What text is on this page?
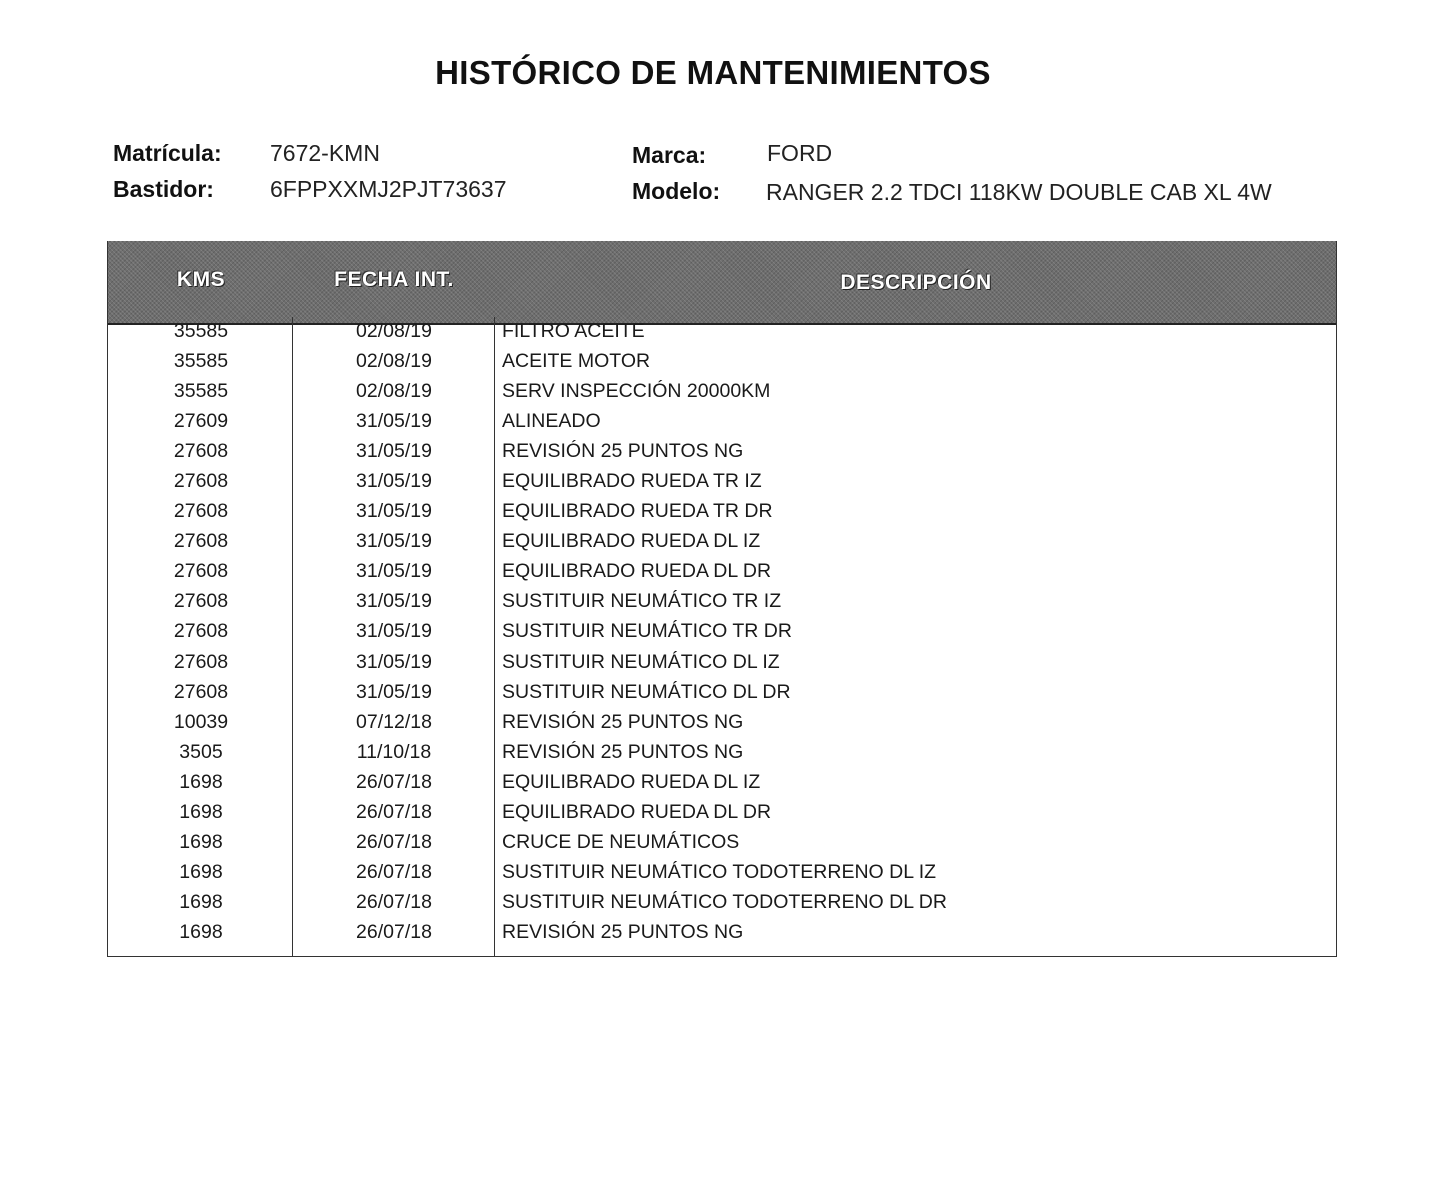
HISTÓRICO DE MANTENIMIENTOS
Matrícula: 7672-KMN
Bastidor: 6FPPXXMJ2PJT73637
Marca:	FORD
Modelo: RANGER 2.2 TDCI 118KW DOUBLE CAB XL 4W
KMS	FECHA INT.	DESCRIPCIÓN
35585	02/08/19	FILTRO ACEITE
35585	02/08/19	ACEITE MOTOR
35585	02/08/19	SERV INSPECCIÓN 20000KM
27609	31/05/19	ALINEADO
27608	31/05/19	REVISIÓN 25 PUNTOS NG
27608	31/05/19	EQUILIBRADO RUEDA TR IZ
27608	31/05/19	EQUILIBRADO RUEDA TR DR
27608	31/05/19	EQUILIBRADO RUEDA DL IZ
27608	31/05/19	EQUILIBRADO RUEDA DL DR
27608	31/05/19	SUSTITUIR NEUMÁTICO TR IZ
27608	31/05/19	SUSTITUIR NEUMÁTICO TR DR
27608	31/05/19	SUSTITUIR NEUMÁTICO DL IZ
27608	31/05/19	SUSTITUIR NEUMÁTICO DL DR
10039	07/12/18	REVISIÓN 25 PUNTOS NG
3505	11/10/18	REVISIÓN 25 PUNTOS NG
1698	26/07/18	EQUILIBRADO RUEDA DL IZ
1698	26/07/18	EQUILIBRADO RUEDA DL DR
1698	26/07/18	CRUCE DE NEUMÁTICOS
1698	26/07/18	SUSTITUIR NEUMÁTICO TODOTERRENO DL IZ
1698	26/07/18	SUSTITUIR NEUMÁTICO TODOTERRENO DL DR
1698	26/07/18	REVISIÓN 25 PUNTOS NG
